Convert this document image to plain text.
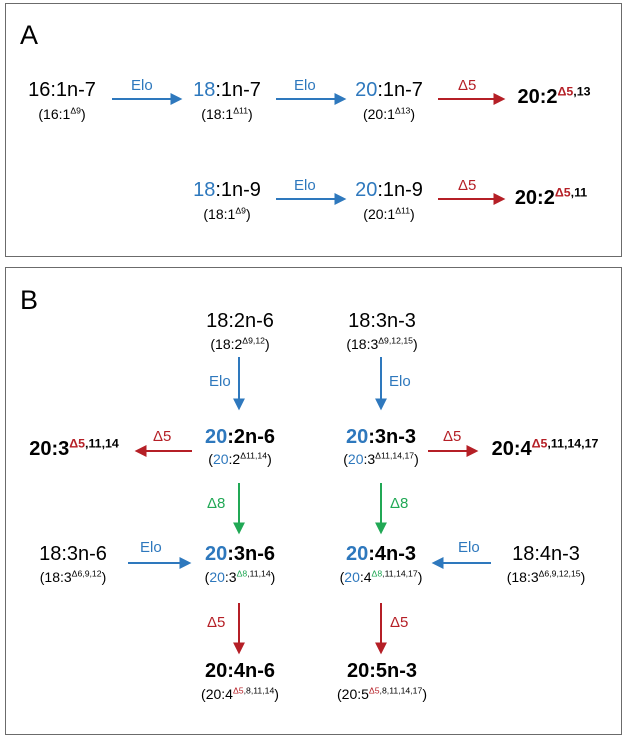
A
B
16:1n-7
$(16:1^{\Delta 9})$
Elo 18:1n-7
$(18:1^{\Delta 11})$
Elo 20:1n-7
$(20:1^{\Delta 13})$
Δ5
$20:2^{\Delta 5,13}$
18:1n-9
$(18:1^{\Delta 9})$
Elo 20:1n-9
$(20:1^{\Delta 11})$
Δ5
$20:2^{\Delta 5,11}$
18:2n-6
$(18:2^{\Delta 9,12})$
18:3n-3
$(18:3^{\Delta 9,12,15})$
Elo	Elo
20:2n-6
$(20:2^{\Delta 11,14})$
20:3n-3
$(20:3^{\Delta 11,14,17})$
Δ5
$20:3^{\Delta 5,11,14}$	Δ5
$20:4^{\Delta 5,11,14,17}$
Δ8	Δ8
18:3n-6
$(18:3^{\Delta 6,9,12})$
Elo	18:4n-3
$(18:3^{\Delta 6,9,12,15})$
Elo
20:3n-6
$(20:3^{\Delta 8,11,14})$
20:4n-3
$(20:4^{\Delta 8,11,14,17})$
Δ5	Δ5
20:4n-6
$(20:4^{\Delta 5,8,11,14})$
20:5n-3
$(20:5^{\Delta 5,8,11,14,17})$
